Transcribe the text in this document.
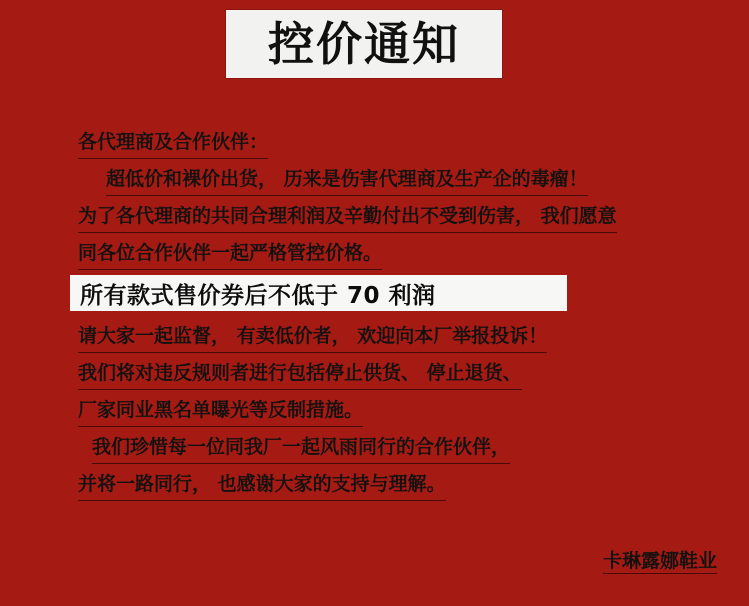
控价通知
各代理商及合作伙伴：
超低价和裸价出货， 历来是伤害代理商及生产企的毒瘤！
为了各代理商的共同合理利润及辛勤付出不受到伤害， 我们愿意
同各位合作伙伴一起严格管控价格。
请大家一起监督， 有卖低价者， 欢迎向本厂举报投诉！
我们将对违反规则者进行包括停止供货、 停止退货、
厂家同业黑名单曝光等反制措施。
我们珍惜每一位同我厂一起风雨同行的合作伙伴，
并将一路同行， 也感谢大家的支持与理解。
所有款式售价券后不低于 70 利润
卡琳露娜鞋业
